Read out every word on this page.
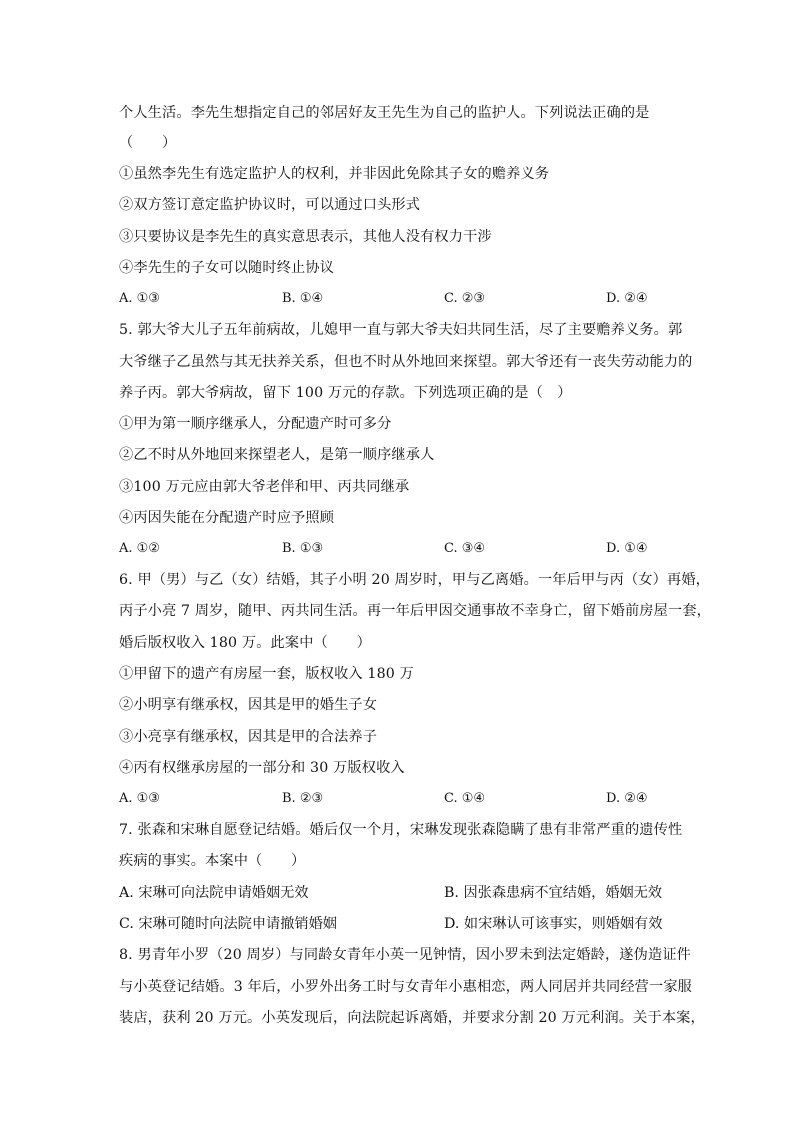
个人生活。李先生想指定自己的邻居好友王先生为自己的监护人。下列说法正确的是
（　　）
①虽然李先生有选定监护人的权利，并非因此免除其子女的赡养义务
②双方签订意定监护协议时，可以通过口头形式
③只要协议是李先生的真实意思表示，其他人没有权力干涉
④李先生的子女可以随时终止协议
A. ①③	B. ①④	C. ②③	D. ②④
5. 郭大爷大儿子五年前病故，儿媳甲一直与郭大爷夫妇共同生活，尽了主要赡养义务。郭
大爷继子乙虽然与其无扶养关系，但也不时从外地回来探望。郭大爷还有一丧失劳动能力的
养子丙。郭大爷病故，留下 100 万元的存款。下列选项正确的是（　）
①甲为第一顺序继承人，分配遗产时可多分
②乙不时从外地回来探望老人，是第一顺序继承人
③100 万元应由郭大爷老伴和甲、丙共同继承
④丙因失能在分配遗产时应予照顾
A. ①②	B. ①③	C. ③④	D. ①④
6. 甲（男）与乙（女）结婚，其子小明 20 周岁时，甲与乙离婚。一年后甲与丙（女）再婚，
丙子小亮 7 周岁，随甲、丙共同生活。再一年后甲因交通事故不幸身亡，留下婚前房屋一套，
婚后版权收入 180 万。此案中（　　）
①甲留下的遗产有房屋一套，版权收入 180 万
②小明享有继承权，因其是甲的婚生子女
③小亮享有继承权，因其是甲的合法养子
④丙有权继承房屋的一部分和 30 万版权收入
A. ①③	B. ②③	C. ①④	D. ②④
7. 张森和宋琳自愿登记结婚。婚后仅一个月，宋琳发现张森隐瞒了患有非常严重的遗传性
疾病的事实。本案中（　　）
A. 宋琳可向法院申请婚姻无效	B. 因张森患病不宜结婚，婚姻无效
C. 宋琳可随时向法院申请撤销婚姻	D. 如宋琳认可该事实，则婚姻有效
8. 男青年小罗（20 周岁）与同龄女青年小英一见钟情，因小罗未到法定婚龄，遂伪造证件
与小英登记结婚。3 年后，小罗外出务工时与女青年小惠相恋，两人同居并共同经营一家服
装店，获利 20 万元。小英发现后，向法院起诉离婚，并要求分割 20 万元利润。关于本案，
